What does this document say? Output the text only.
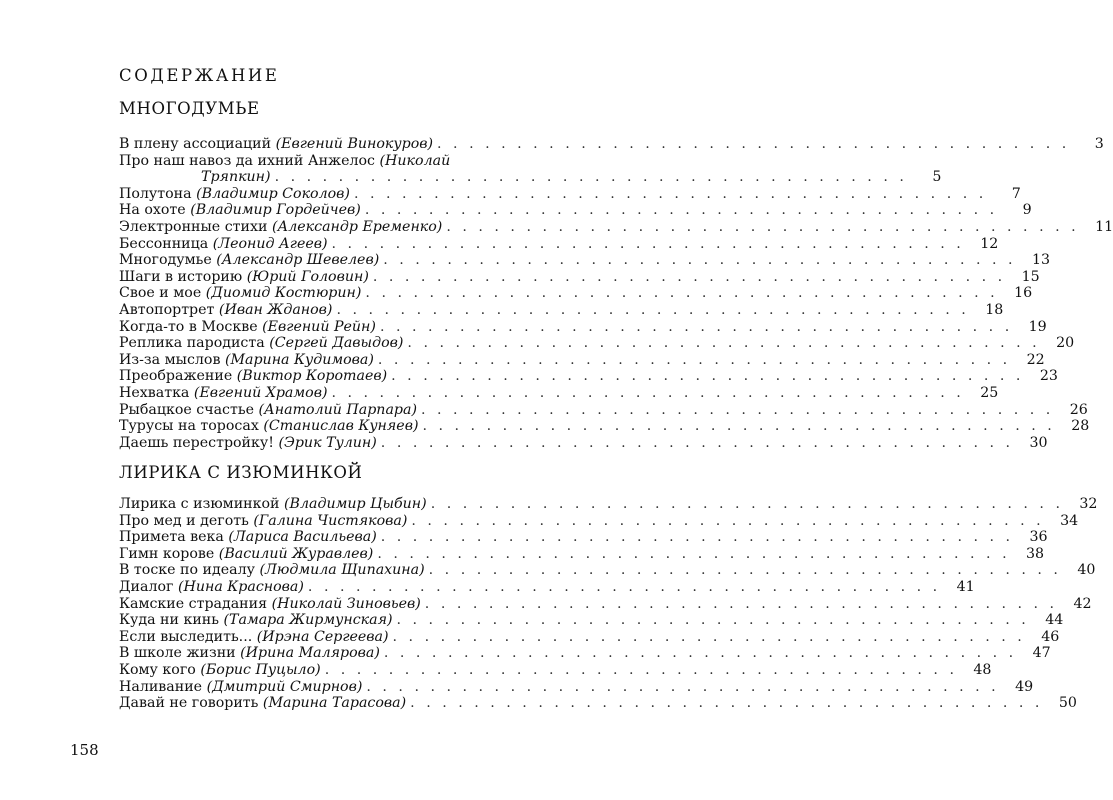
СОДЕРЖАНИЕ
МНОГОДУМЬЕ
В плену ассоциаций (Евгений Винокуров) . . . . . . . . . . . . . . . . . . . . . . . . . . . . . . . . . . . . . . . .	3
Про наш навоз да ихний Анжелос (Николай
Тряпкин) . . . . . . . . . . . . . . . . . . . . . . . . . . . . . . . . . . . . . . . .	5
Полутона (Владимир Соколов) . . . . . . . . . . . . . . . . . . . . . . . . . . . . . . . . . . . . . . . .	7
На охоте (Владимир Гордейчев) . . . . . . . . . . . . . . . . . . . . . . . . . . . . . . . . . . . . . . . .	9
Электронные стихи (Александр Еременко) . . . . . . . . . . . . . . . . . . . . . . . . . . . . . . . . . . . . . . . .	11
Бессонница (Леонид Агеев) . . . . . . . . . . . . . . . . . . . . . . . . . . . . . . . . . . . . . . . .	12
Многодумье (Александр Шевелев) . . . . . . . . . . . . . . . . . . . . . . . . . . . . . . . . . . . . . . . .	13
Шаги в историю (Юрий Головин) . . . . . . . . . . . . . . . . . . . . . . . . . . . . . . . . . . . . . . . .	15
Свое и мое (Диомид Костюрин) . . . . . . . . . . . . . . . . . . . . . . . . . . . . . . . . . . . . . . . .	16
Автопортрет (Иван Жданов) . . . . . . . . . . . . . . . . . . . . . . . . . . . . . . . . . . . . . . . .	18
Когда-то в Москве (Евгений Рейн) . . . . . . . . . . . . . . . . . . . . . . . . . . . . . . . . . . . . . . . .	19
Реплика пародиста (Сергей Давыдов) . . . . . . . . . . . . . . . . . . . . . . . . . . . . . . . . . . . . . . . .	20
Из-за мыслов (Марина Кудимова) . . . . . . . . . . . . . . . . . . . . . . . . . . . . . . . . . . . . . . . .	22
Преображение (Виктор Коротаев) . . . . . . . . . . . . . . . . . . . . . . . . . . . . . . . . . . . . . . . .	23
Нехватка (Евгений Храмов) . . . . . . . . . . . . . . . . . . . . . . . . . . . . . . . . . . . . . . . .	25
Рыбацкое счастье (Анатолий Парпара) . . . . . . . . . . . . . . . . . . . . . . . . . . . . . . . . . . . . . . . .	26
Турусы на торосах (Станислав Куняев) . . . . . . . . . . . . . . . . . . . . . . . . . . . . . . . . . . . . . . . .	28
Даешь перестройку! (Эрик Тулин) . . . . . . . . . . . . . . . . . . . . . . . . . . . . . . . . . . . . . . . .	30
ЛИРИКА С ИЗЮМИНКОЙ
Лирика с изюминкой (Владимир Цыбин) . . . . . . . . . . . . . . . . . . . . . . . . . . . . . . . . . . . . . . . .	32
Про мед и деготь (Галина Чистякова) . . . . . . . . . . . . . . . . . . . . . . . . . . . . . . . . . . . . . . . .	34
Примета века (Лариса Васильева) . . . . . . . . . . . . . . . . . . . . . . . . . . . . . . . . . . . . . . . .	36
Гимн корове (Василий Журавлев) . . . . . . . . . . . . . . . . . . . . . . . . . . . . . . . . . . . . . . . .	38
В тоске по идеалу (Людмила Щипахина) . . . . . . . . . . . . . . . . . . . . . . . . . . . . . . . . . . . . . . . .	40
Диалог (Нина Краснова) . . . . . . . . . . . . . . . . . . . . . . . . . . . . . . . . . . . . . . . .	41
Камские страдания (Николай Зиновьев) . . . . . . . . . . . . . . . . . . . . . . . . . . . . . . . . . . . . . . . .	42
Куда ни кинь (Тамара Жирмунская) . . . . . . . . . . . . . . . . . . . . . . . . . . . . . . . . . . . . . . . .	44
Если выследить... (Ирэна Сергеева) . . . . . . . . . . . . . . . . . . . . . . . . . . . . . . . . . . . . . . . .	46
В школе жизни (Ирина Малярова) . . . . . . . . . . . . . . . . . . . . . . . . . . . . . . . . . . . . . . . .	47
Кому кого (Борис Пуцыло) . . . . . . . . . . . . . . . . . . . . . . . . . . . . . . . . . . . . . . . .	48
Наливание (Дмитрий Смирнов) . . . . . . . . . . . . . . . . . . . . . . . . . . . . . . . . . . . . . . . .	49
Давай не говорить (Марина Тарасова) . . . . . . . . . . . . . . . . . . . . . . . . . . . . . . . . . . . . . . . .	50
158
